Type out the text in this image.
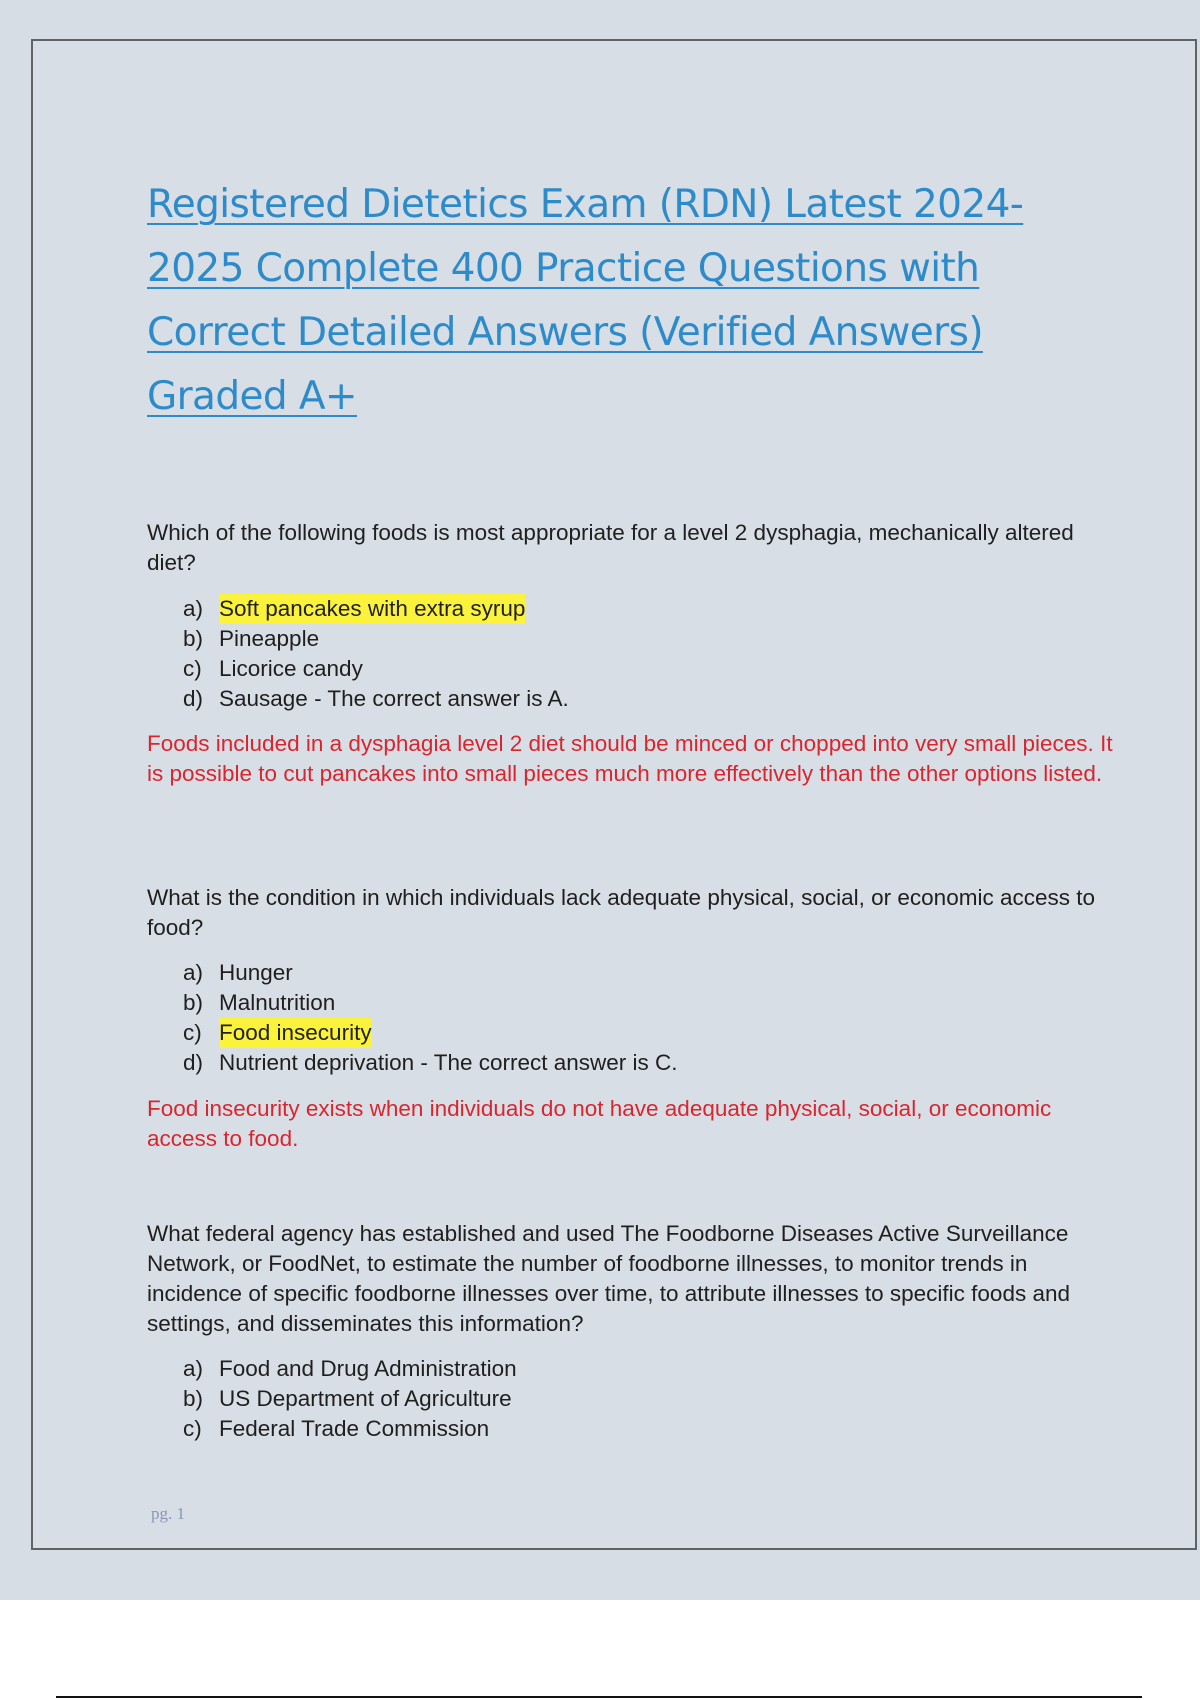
Registered Dietetics Exam (RDN) Latest 2024-
2025 Complete 400 Practice Questions with
Correct Detailed Answers (Verified Answers)
Graded A+

Which of the following foods is most appropriate for a level 2 dysphagia, mechanically altered diet?

a) Soft pancakes with extra syrup
b) Pineapple
c) Licorice candy
d) Sausage - The correct answer is A.

Foods included in a dysphagia level 2 diet should be minced or chopped into very small pieces. It is possible to cut pancakes into small pieces much more effectively than the other options listed.

What is the condition in which individuals lack adequate physical, social, or economic access to food?

a) Hunger
b) Malnutrition
c) Food insecurity
d) Nutrient deprivation - The correct answer is C.

Food insecurity exists when individuals do not have adequate physical, social, or economic access to food.

What federal agency has established and used The Foodborne Diseases Active Surveillance Network, or FoodNet, to estimate the number of foodborne illnesses, to monitor trends in incidence of specific foodborne illnesses over time, to attribute illnesses to specific foods and settings, and disseminates this information?

a) Food and Drug Administration
b) US Department of Agriculture
c) Federal Trade Commission
pg. 1
